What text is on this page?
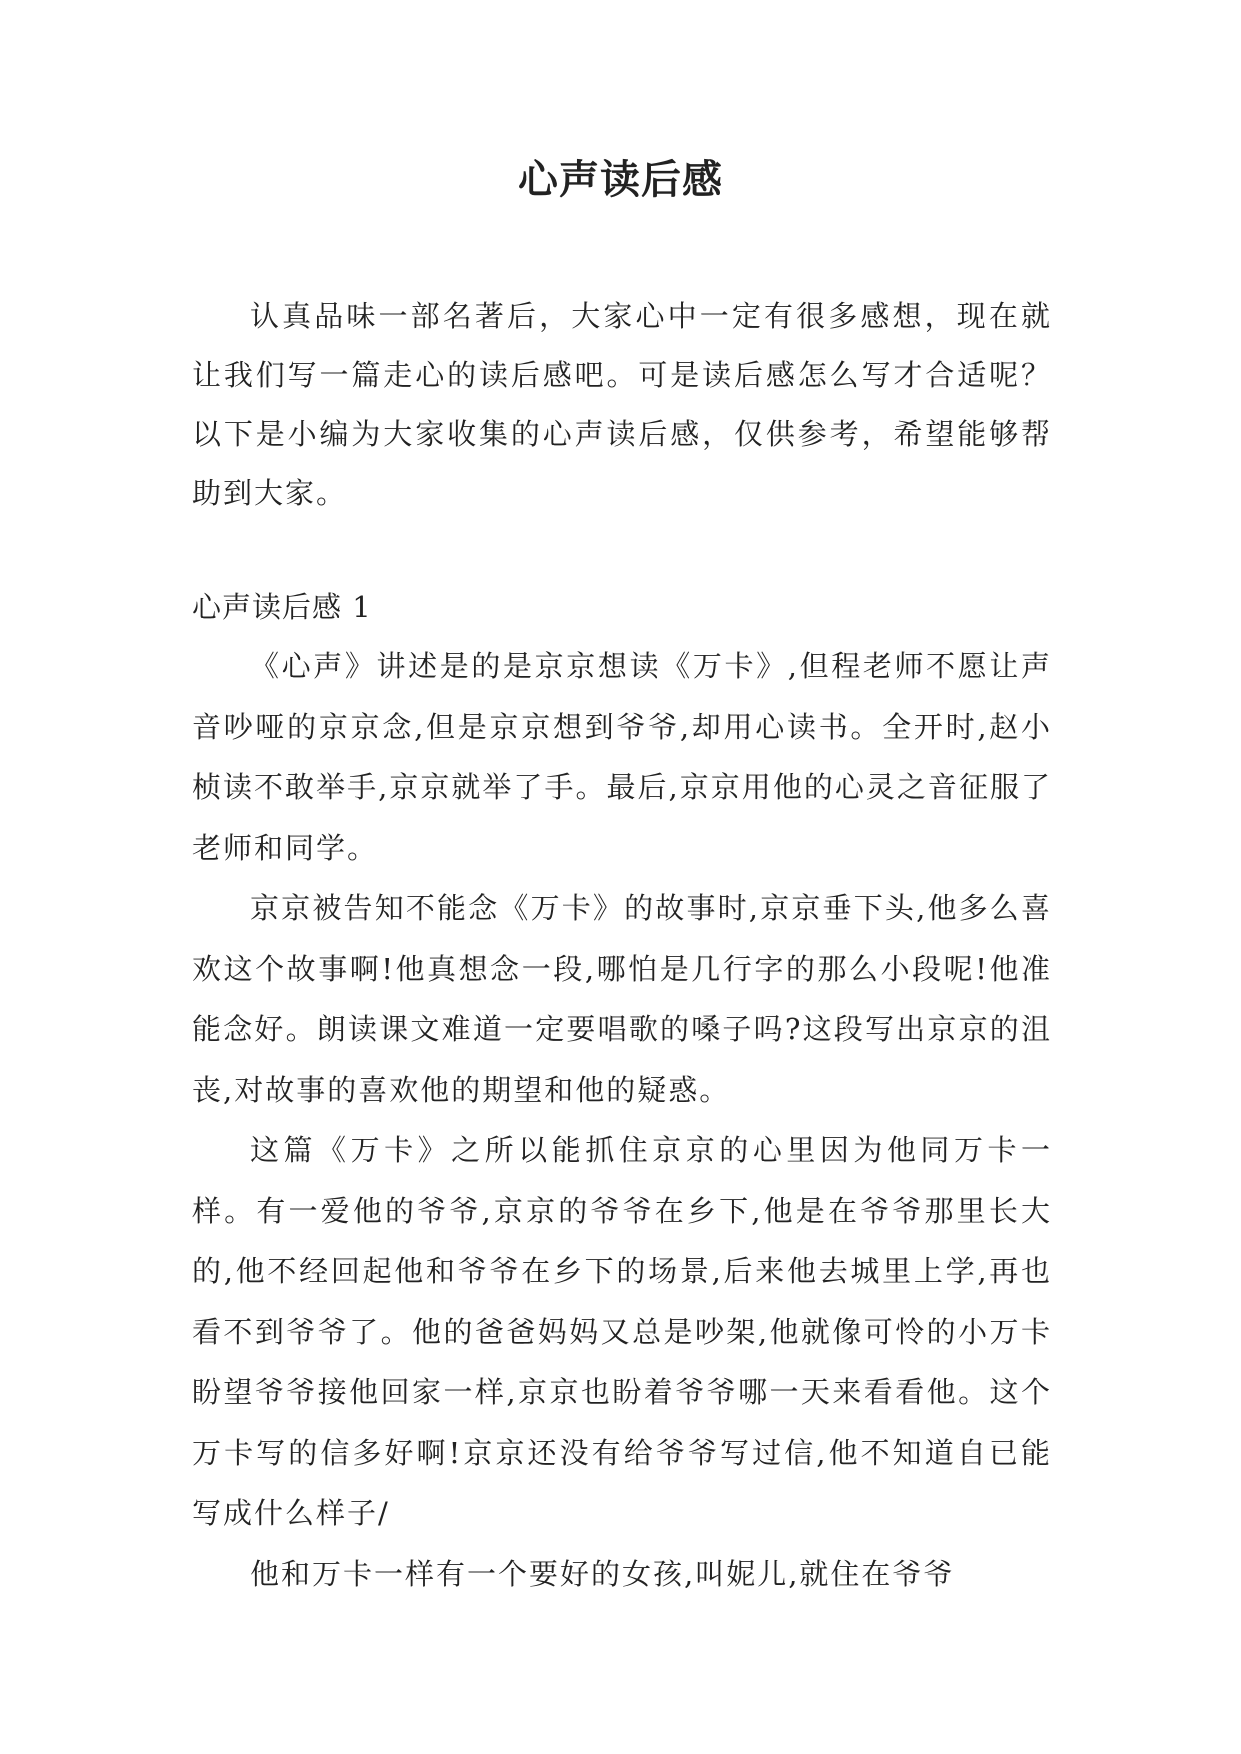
心声读后感

认真品味一部名著后，大家心中一定有很多感想，现在就让我们写一篇走心的读后感吧。可是读后感怎么写才合适呢？以下是小编为大家收集的心声读后感，仅供参考，希望能够帮助到大家。

心声读后感 1

《心声》讲述是的是京京想读《万卡》,但程老师不愿让声音吵哑的京京念,但是京京想到爷爷,却用心读书。全开时,赵小桢读不敢举手,京京就举了手。最后,京京用他的心灵之音征服了老师和同学。

京京被告知不能念《万卡》的故事时,京京垂下头,他多么喜欢这个故事啊!他真想念一段,哪怕是几行字的那么小段呢!他准能念好。朗读课文难道一定要唱歌的嗓子吗?这段写出京京的沮丧,对故事的喜欢他的期望和他的疑惑。

这篇《万卡》之所以能抓住京京的心里因为他同万卡一样。有一爱他的爷爷,京京的爷爷在乡下,他是在爷爷那里长大的,他不经回起他和爷爷在乡下的场景,后来他去城里上学,再也看不到爷爷了。他的爸爸妈妈又总是吵架,他就像可怜的小万卡盼望爷爷接他回家一样,京京也盼着爷爷哪一天来看看他。这个万卡写的信多好啊!京京还没有给爷爷写过信,他不知道自已能写成什么样子/

他和万卡一样有一个要好的女孩,叫妮儿,就住在爷爷
